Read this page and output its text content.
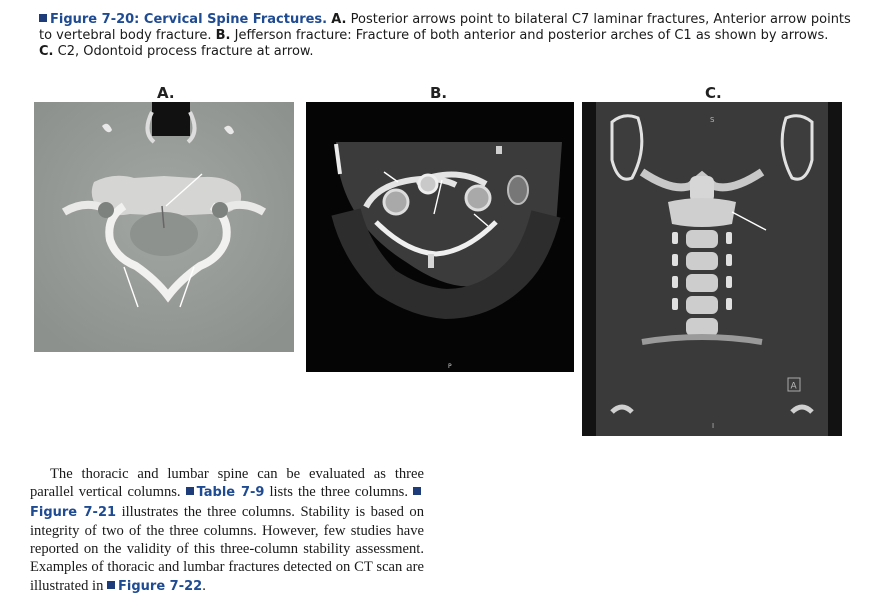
Figure 7-20: Cervical Spine Fractures. A. Posterior arrows point to bilateral C7 laminar fractures, Anterior arrow points to vertebral body fracture. B. Jefferson fracture: Fracture of both anterior and posterior arches of C1 as shown by arrows.
C. C2, Odontoid process fracture at arrow.
A.	B.	C.
P
S
A
I
The thoracic and lumbar spine can be evaluated as three parallel vertical columns. Table 7-9 lists the three columns. Figure 7-21 illustrates the three columns. Stability is based on integrity of two of the three columns. However, few studies have reported on the validity of this three-column stability assessment. Examples of thoracic and lumbar fractures detected on CT scan are illustrated in Figure 7-22.
